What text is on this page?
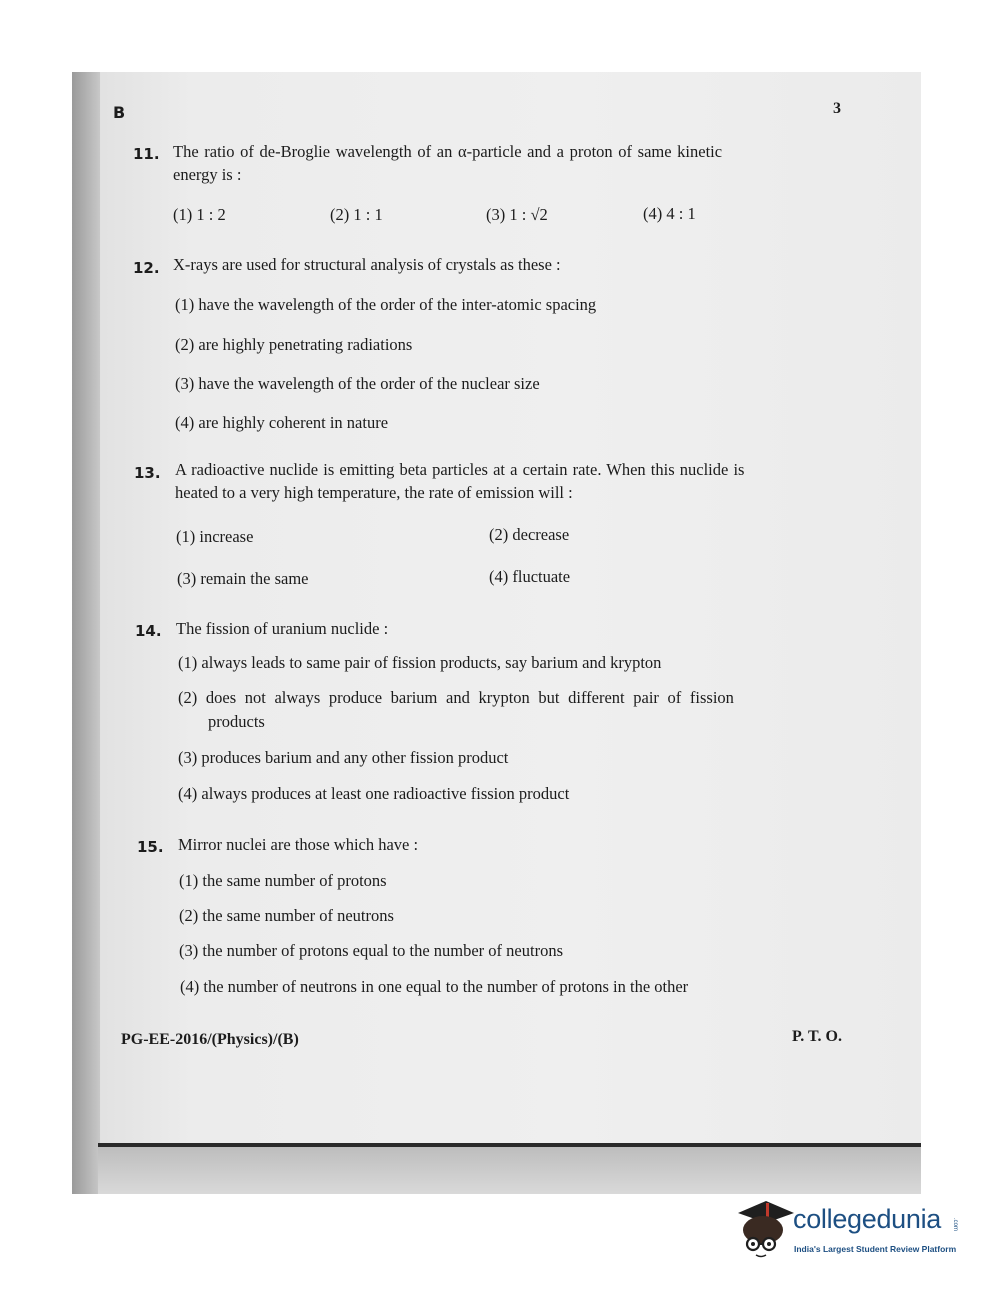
B	3
11. The ratio of de-Broglie wavelength of an α-particle and a proton of same kinetic
energy is :
(1) 1 : 2	(2) 1 : 1	(3) 1 : √2	(4) 4 : 1
12. X-rays are used for structural analysis of crystals as these :
(1) have the wavelength of the order of the inter-atomic spacing
(2) are highly penetrating radiations
(3) have the wavelength of the order of the nuclear size
(4) are highly coherent in nature
13. A radioactive nuclide is emitting beta particles at a certain rate. When this nuclide is
heated to a very high temperature, the rate of emission will :
(1) increase	(2) decrease
(3) remain the same	(4) fluctuate
14. The fission of uranium nuclide :
(1) always leads to same pair of fission products, say barium and krypton
(2) does not always produce barium and krypton but different pair of fission
products
(3) produces barium and any other fission product
(4) always produces at least one radioactive fission product
15. Mirror nuclei are those which have :
(1) the same number of protons
(2) the same number of neutrons
(3) the number of protons equal to the number of neutrons
(4) the number of neutrons in one equal to the number of protons in the other
PG-EE-2016/(Physics)/(B)	P. T. O.
collegedunia .com
India's Largest Student Review Platform
